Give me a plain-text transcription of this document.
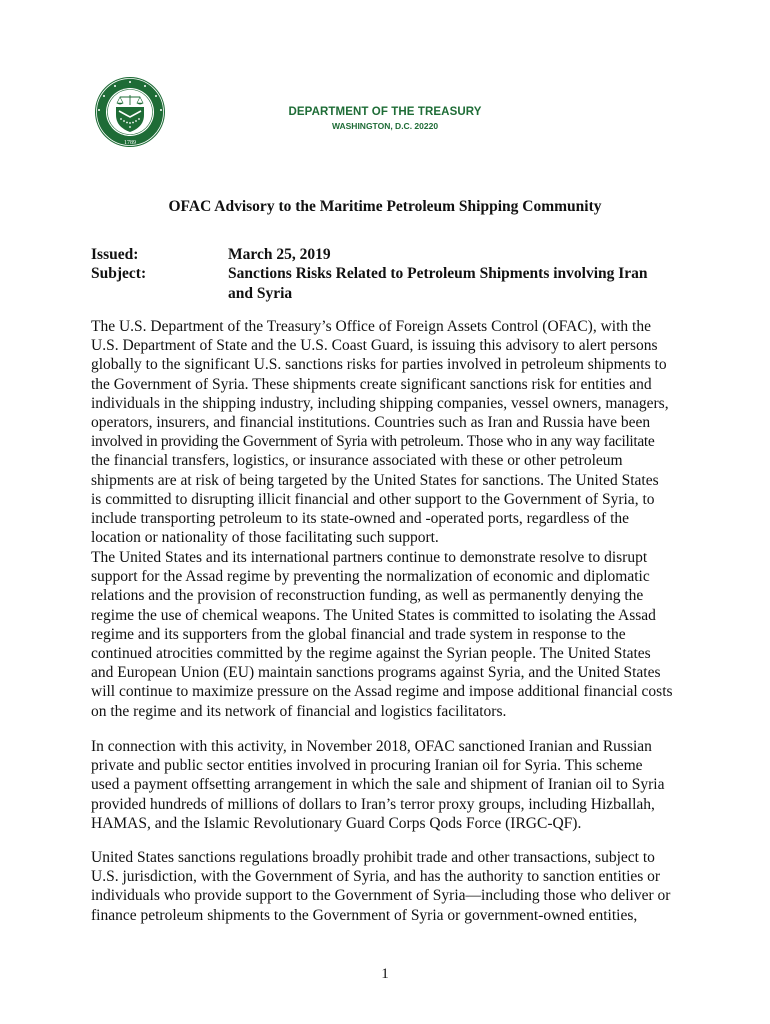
1789
DEPARTMENT OF THE TREASURY
WASHINGTON, D.C. 20220
OFAC Advisory to the Maritime Petroleum Shipping Community
Issued:	March 25, 2019
Subject:	Sanctions Risks Related to Petroleum Shipments involving Iran
and Syria
The U.S. Department of the Treasury’s Office of Foreign Assets Control (OFAC), with the
U.S. Department of State and the U.S. Coast Guard, is issuing this advisory to alert persons
globally to the significant U.S. sanctions risks for parties involved in petroleum shipments to
the Government of Syria. These shipments create significant sanctions risk for entities and
individuals in the shipping industry, including shipping companies, vessel owners, managers,
operators, insurers, and financial institutions. Countries such as Iran and Russia have been
involved in providing the Government of Syria with petroleum. Those who in any way facilitate
the financial transfers, logistics, or insurance associated with these or other petroleum
shipments are at risk of being targeted by the United States for sanctions. The United States
is committed to disrupting illicit financial and other support to the Government of Syria, to
include transporting petroleum to its state-owned and -operated ports, regardless of the
location or nationality of those facilitating such support.
The United States and its international partners continue to demonstrate resolve to disrupt
support for the Assad regime by preventing the normalization of economic and diplomatic
relations and the provision of reconstruction funding, as well as permanently denying the
regime the use of chemical weapons. The United States is committed to isolating the Assad
regime and its supporters from the global financial and trade system in response to the
continued atrocities committed by the regime against the Syrian people. The United States
and European Union (EU) maintain sanctions programs against Syria, and the United States
will continue to maximize pressure on the Assad regime and impose additional financial costs
on the regime and its network of financial and logistics facilitators.
In connection with this activity, in November 2018, OFAC sanctioned Iranian and Russian
private and public sector entities involved in procuring Iranian oil for Syria. This scheme
used a payment offsetting arrangement in which the sale and shipment of Iranian oil to Syria
provided hundreds of millions of dollars to Iran’s terror proxy groups, including Hizballah,
HAMAS, and the Islamic Revolutionary Guard Corps Qods Force (IRGC-QF).
United States sanctions regulations broadly prohibit trade and other transactions, subject to
U.S. jurisdiction, with the Government of Syria, and has the authority to sanction entities or
individuals who provide support to the Government of Syria—including those who deliver or
finance petroleum shipments to the Government of Syria or government-owned entities,
1
